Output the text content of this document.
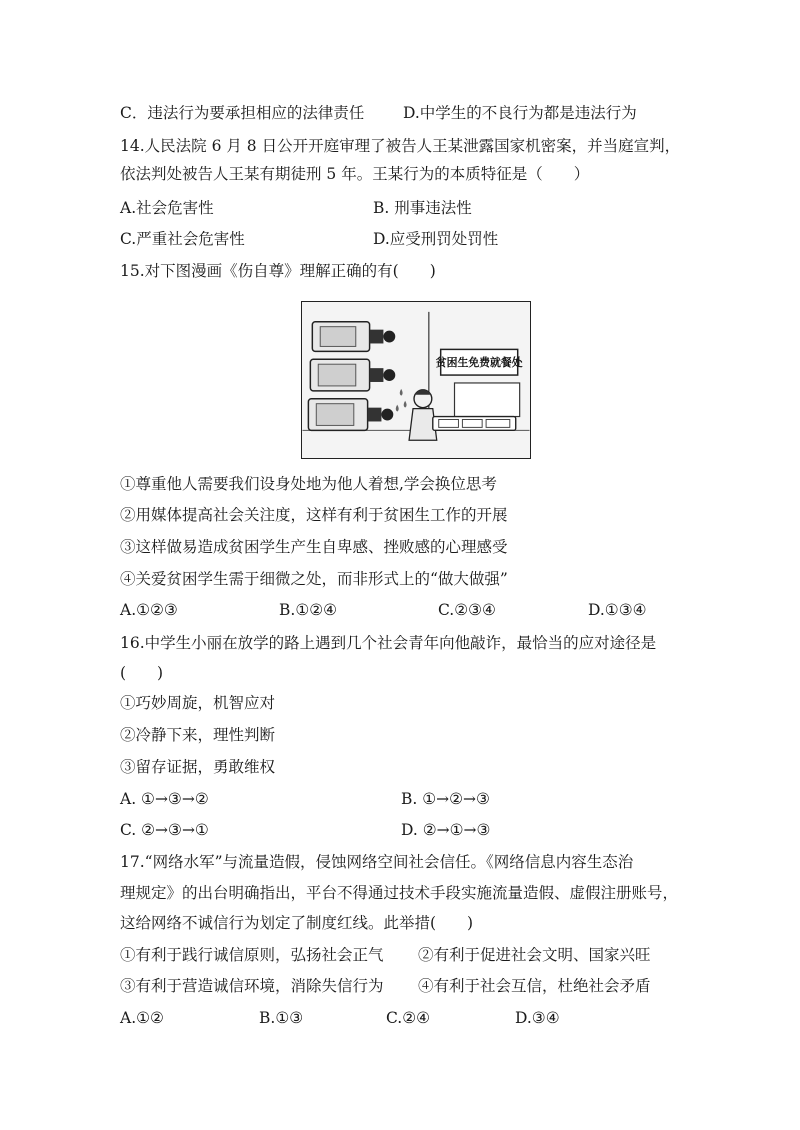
C．违法行为要承担相应的法律责任 D.中学生的不良行为都是违法行为
14.人民法院 6 月 8 日公开开庭审理了被告人王某泄露国家机密案，并当庭宣判，
依法判处被告人王某有期徒刑 5 年。王某行为的本质特征是（　　）
A.社会危害性	B. 刑事违法性
C.严重社会危害性	D.应受刑罚处罚性
15.对下图漫画《伤自尊》理解正确的有(　　)
贫困生免费就餐处
①尊重他人需要我们设身处地为他人着想,学会换位思考
②用媒体提高社会关注度，这样有利于贫困生工作的开展
③这样做易造成贫困学生产生自卑感、挫败感的心理感受
④关爱贫困学生需于细微之处，而非形式上的“做大做强”
A.①②③	B.①②④	C.②③④	D.①③④
16.中学生小丽在放学的路上遇到几个社会青年向他敲诈，最恰当的应对途径是
(　　)
①巧妙周旋，机智应对
②冷静下来，理性判断
③留存证据，勇敢维权
A. ①→③→②	B. ①→②→③
C. ②→③→①	D. ②→①→③
17.“网络水军”与流量造假，侵蚀网络空间社会信任。《网络信息内容生态治
理规定》的出台明确指出，平台不得通过技术手段实施流量造假、虚假注册账号，
这给网络不诚信行为划定了制度红线。此举措(　　)
①有利于践行诚信原则，弘扬社会正气 ②有利于促进社会文明、国家兴旺
③有利于营造诚信环境，消除失信行为 ④有利于社会互信，杜绝社会矛盾
A.①②	B.①③	C.②④	D.③④
